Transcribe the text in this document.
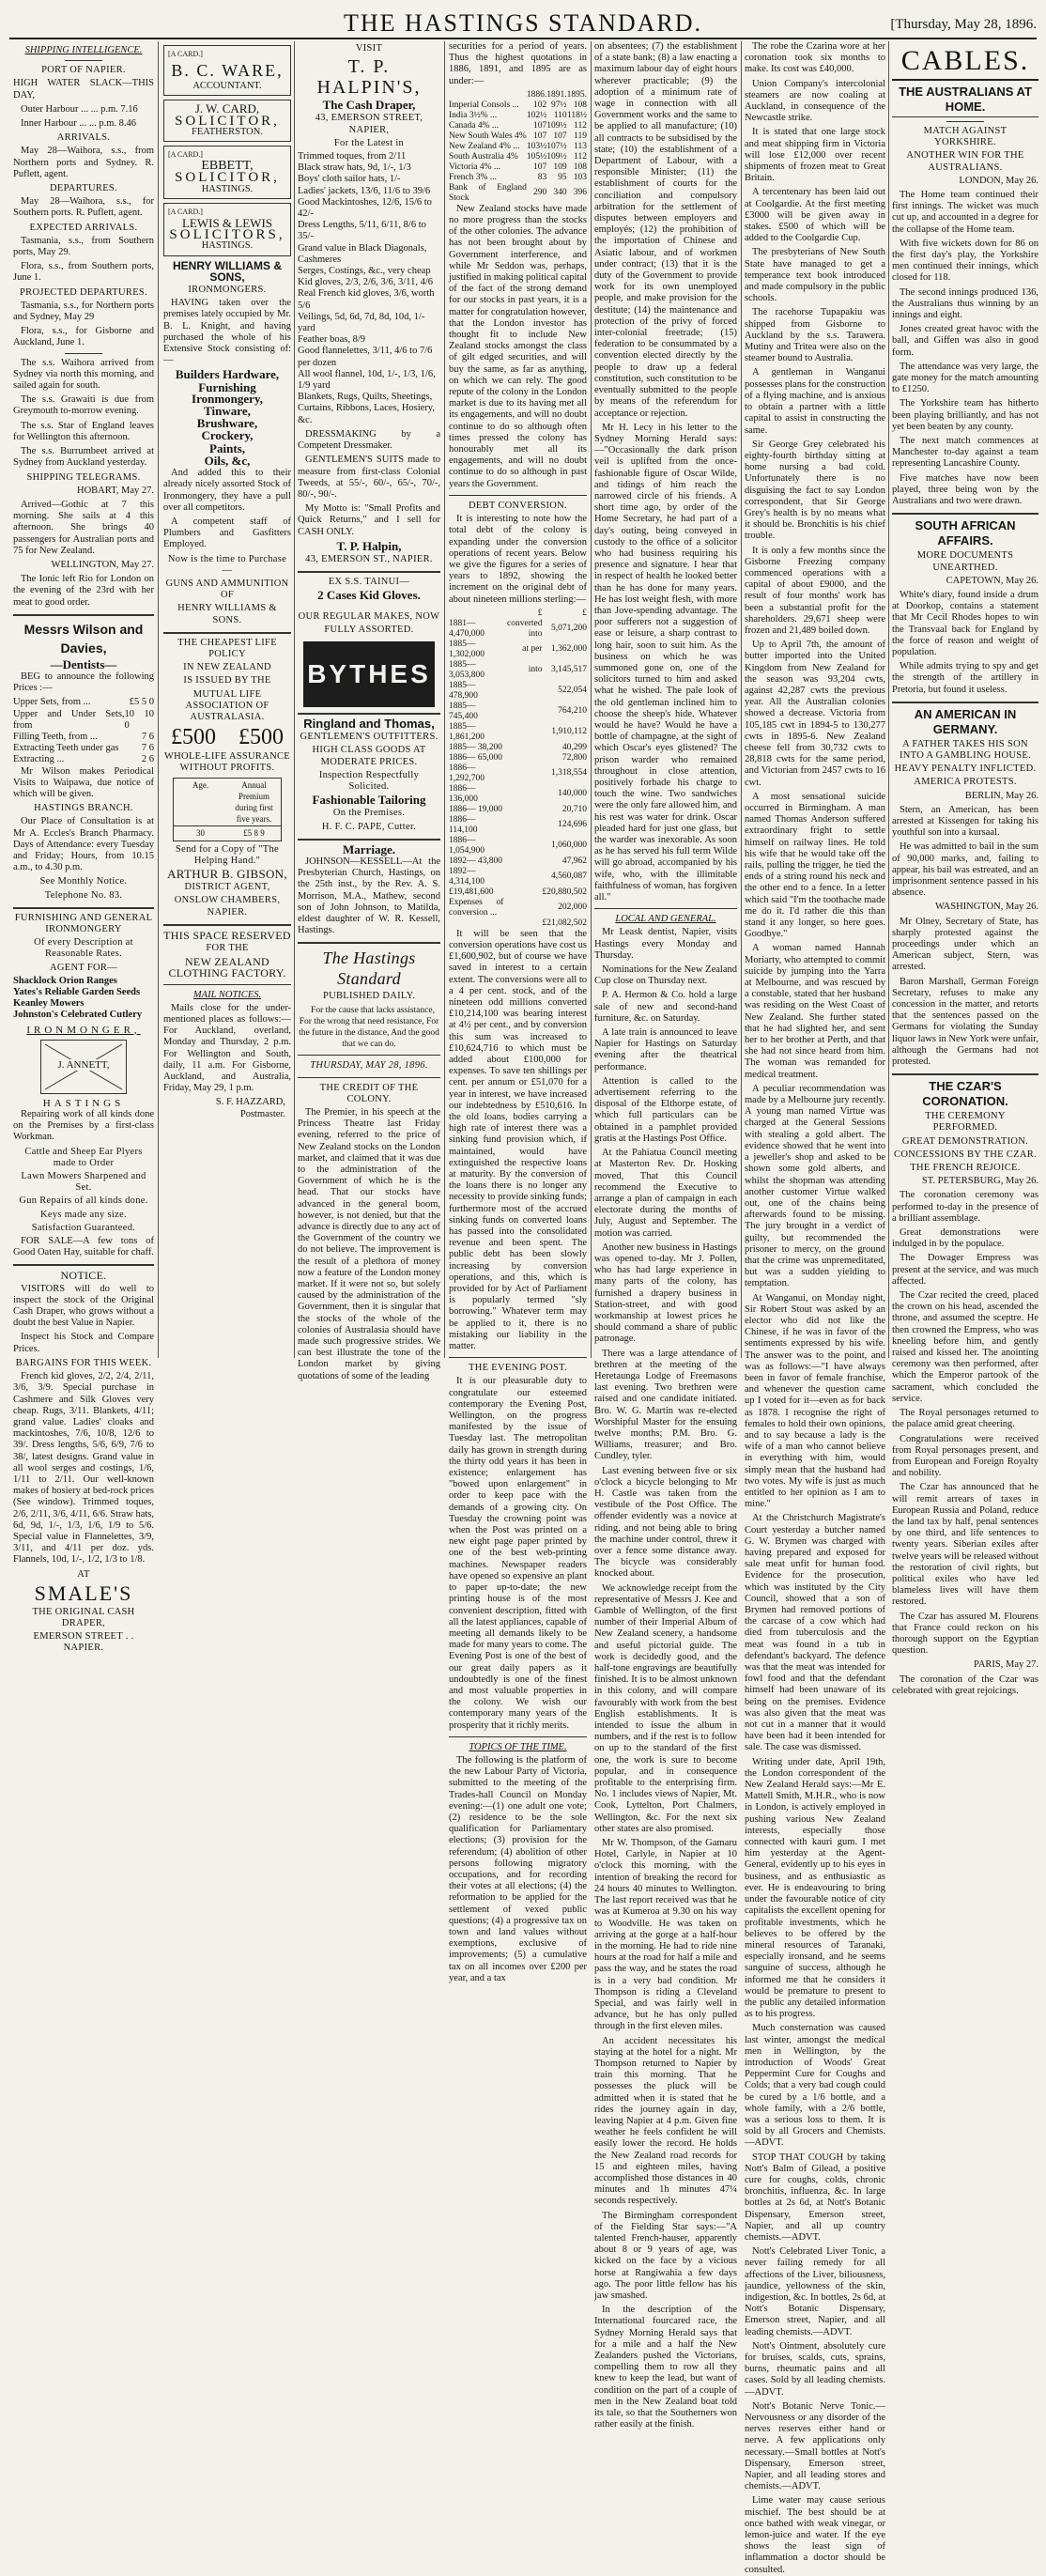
THE HASTINGS STANDARD.	[Thursday, May 28, 1896.
SHIPPING INTELLIGENCE.
PORT OF NAPIER.
HIGH WATER SLACK—THIS DAY,
Outer Harbour ... ... p.m. 7.16
Inner Harbour ... ... p.m. 8.46
ARRIVALS.
May 28—Waihora, s.s., from Northern ports and Sydney. R. Puflett, agent.
DEPARTURES.
May 28—Waihora, s.s., for Southern ports. R. Puflett, agent.
EXPECTED ARRIVALS.
Tasmania, s.s., from Southern ports, May 29.
Flora, s.s., from Southern ports, June 1.
PROJECTED DEPARTURES.
Tasmania, s.s., for Northern ports and Sydney, May 29
Flora, s.s., for Gisborne and Auckland, June 1.
The s.s. Waihora arrived from Sydney via north this morning, and sailed again for south.
The s.s. Grawaiti is due from Greymouth to-morrow evening.
The s.s. Star of England leaves for Wellington this afternoon.
The s.s. Burrumbeet arrived at Sydney from Auckland yesterday.
SHIPPING TELEGRAMS.
HOBART, May 27.
Arrived—Gothic at 7 this morning. She sails at 4 this afternoon. She brings 40 passengers for Australian ports and 75 for New Zealand.
WELLINGTON, May 27.
The Ionic left Rio for London on the evening of the 23rd with her meat to good order.
Messrs Wilson and Davies,
—Dentists—
BEG to announce the following Prices :—
Upper Sets, from ...	£5 5 0
Upper and Under Sets, from
10 10 0
Filling Teeth, from ...	7 6
Extracting Teeth under gas 7 6
Extracting ...	2 6
Mr Wilson makes Periodical Visits to Waipawa, due notice of which will be given.
HASTINGS BRANCH.
Our Place of Consultation is at Mr A. Eccles's Branch Pharmacy. Days of Attendance: every Tuesday and Friday; Hours, from 10.15 a.m., to 4.30 p.m.
See Monthly Notice.
Telephone No. 83.
FURNISHING AND GENERAL IRONMONGERY
Of every Description at Reasonable Rates.
AGENT FOR—
Shacklock Orion Ranges
Yates's Reliable Garden Seeds
Keanley Mowers
Johnston's Celebrated Cutlery
IRONMONGER,
J. ANNETT,
HASTINGS
Repairing work of all kinds done on the Premises by a first-class Workman.
Cattle and Sheep Ear Plyers made to Order
Lawn Mowers Sharpened and Set.
Gun Repairs of all kinds done.
Keys made any size.
Satisfaction Guaranteed.
FOR SALE—A few tons of Good Oaten Hay, suitable for chaff.
NOTICE.
VISITORS will do well to inspect the stock of the Original Cash Draper, who grows without a doubt the best Value in Napier.
Inspect his Stock and Compare Prices.
BARGAINS FOR THIS WEEK.
French kid gloves, 2/2, 2/4, 2/11, 3/6, 3/9. Special purchase in Cashmere and Silk Gloves very cheap. Rugs, 3/11. Blankets, 4/11; grand value. Ladies' cloaks and mackintoshes, 7/6, 10/8, 12/6 to 39/. Dress lengths, 5/6, 6/9, 7/6 to 38/, latest designs. Grand value in all wool serges and costings, 1/6, 1/11 to 2/11. Our well-known makes of hosiery at bed-rock prices (See window). Trimmed toques, 2/6, 2/11, 3/6, 4/11, 6/6. Straw hats, 6d, 9d, 1/-, 1/3, 1/6, 1/9 to 5/6. Special value in Flannelettes, 3/9, 3/11, and 4/11 per doz. yds. Flannels, 10d, 1/-, 1/2, 1/3 to 1/8.
AT
SMALE'S
THE ORIGINAL CASH DRAPER,
EMERSON STREET . . NAPIER.
[A CARD.]
B. C. WARE,
ACCOUNTANT.
J. W. CARD,
SOLICITOR,
FEATHERSTON.
[A CARD.]
EBBETT,
SOLICITOR,
HASTINGS.
[A CARD.]
LEWIS & LEWIS
SOLICITORS,
HASTINGS.
HENRY WILLIAMS & SONS,
IRONMONGERS.
HAVING taken over the premises lately occupied by Mr. B. L. Knight, and having purchased the whole of his Extensive Stock consisting of:—
Builders Hardware,
Furnishing Ironmongery,
Tinware,
Brushware,
Crockery,
Paints,
Oils, &c,
And added this to their already nicely assorted Stock of Ironmongery, they have a pull over all competitors.
A competent staff of Plumbers and Gasfitters Employed.
Now is the time to Purchase—
GUNS AND AMMUNITION OF
HENRY WILLIAMS & SONS.
THE CHEAPEST LIFE POLICY
IN NEW ZEALAND
IS ISSUED BY THE
MUTUAL LIFE ASSOCIATION OF AUSTRALASIA.
£500 £500
WHOLE-LIFE ASSURANCE WITHOUT PROFITS.
Age.	Annual Premium during first five years.
30	£5 8 9
Send for a Copy of "The Helping Hand."
ARTHUR B. GIBSON,
DISTRICT AGENT,
ONSLOW CHAMBERS, NAPIER.
THIS SPACE RESERVED
FOR THE
NEW ZEALAND CLOTHING FACTORY.
MAIL NOTICES.
Mails close for the under-mentioned places as follows:— For Auckland, overland, Monday and Thursday, 2 p.m. For Wellington and South, daily, 11 a.m. For Gisborne, Auckland, and Australia, Friday, May 29, 1 p.m.
S. F. HAZZARD,
Postmaster.
VISIT
T. P. HALPIN'S,
The Cash Draper,
43, EMERSON STREET, NAPIER,
For the Latest in
Trimmed toques, from 2/11
Black straw hats, 9d, 1/-, 1/3
Boys' cloth sailor hats, 1/-
Ladies' jackets, 13/6, 11/6 to 39/6
Good Mackintoshes, 12/6, 15/6 to 42/-
Dress Lengths, 5/11, 6/11, 8/6 to 35/-
Grand value in Black Diagonals, Cashmeres
Serges, Costings, &c., very cheap
Kid gloves, 2/3, 2/6, 3/6, 3/11, 4/6
Real French kid gloves, 3/6, worth 5/6
Veilings, 5d, 6d, 7d, 8d, 10d, 1/- yard
Feather boas, 8/9
Good flannelettes, 3/11, 4/6 to 7/6 per dozen
All wool flannel, 10d, 1/-, 1/3, 1/6, 1/9 yard
Blankets, Rugs, Quilts, Sheetings, Curtains, Ribbons, Laces, Hosiery, &c.
DRESSMAKING by a Competent Dressmaker.
GENTLEMEN'S SUITS made to measure from first-class Colonial Tweeds, at 55/-, 60/-, 65/-, 70/-, 80/-, 90/-.
My Motto is: "Small Profits and Quick Returns," and I sell for CASH ONLY.
T. P. Halpin,
43, EMERSON ST., NAPIER.
EX S.S. TAINUI—
2 Cases Kid Gloves.
OUR REGULAR MAKES, NOW
FULLY ASSORTED.
BYTHES
Ringland and Thomas,
GENTLEMEN'S OUTFITTERS.
HIGH CLASS GOODS AT MODERATE PRICES.
Inspection Respectfully Solicited.
Fashionable Tailoring
On the Premises.
H. F. C. PAPE, Cutter.
Marriage.
JOHNSON—KESSELL—At the Presbyterian Church, Hastings, on the 25th inst., by the Rev. A. S. Morrison, M.A., Mathew, second son of John Johnson, to Matilda, eldest daughter of W. R. Kessell, Hastings.
The Hastings Standard
PUBLISHED DAILY.
For the cause that lacks assistance, For the wrong that need resistance, For the future in the distance, And the good that we can do.
THURSDAY, MAY 28, 1896.
THE CREDIT OF THE COLONY.
The Premier, in his speech at the Princess Theatre last Friday evening, referred to the price of New Zealand stocks on the London market, and claimed that it was due to the administration of the Government of which he is the head. That our stocks have advanced in the general boom, however, is not denied, but that the advance is directly due to any act of the Government of the country we do not believe. The improvement is the result of a plethora of money now a feature of the London money market. If it were not so, but solely caused by the administration of the Government, then it is singular that the stocks of the whole of the colonies of Australasia should have made such progressive strides. We can best illustrate the tone of the London market by giving quotations of some of the leading
securities for a period of years. Thus the highest quotations in 1886, 1891, and 1895 are as under:—
	1886.	1891.	1895.
Imperial Consols ...	102	97½	108
India 3½% ...	102½	110	118½
Canada 4% ...	107	109½	112
New South Wales 4%	107	107	119
New Zealand 4% ...	103½	107½	113
South Australia 4%	105½	109½	112
Victoria 4% ...	107	109	108
French 3% ...	83	95	103
Bank of England Stock	290	340	396
New Zealand stocks have made no more progress than the stocks of the other colonies. The advance has not been brought about by Government interference, and while Mr Seddon was, perhaps, justified in making political capital of the fact of the strong demand for our stocks in past years, it is a matter for congratulation however, that the London investor has thought fit to include New Zealand stocks amongst the class of gilt edged securities, and will buy the same, as far as anything, on which we can rely. The good repute of the colony in the London market is due to its having met all its engagements, and will no doubt continue to do so although often times pressed the colony has honourably met all its engagements, and will no doubt continue to do so although in past years the Government.
DEBT CONVERSION.
It is interesting to note how the total debt of the colony is expanding under the conversion operations of recent years. Below we give the figures for a series of years to 1892, showing the increment on the original debt of about nineteen millions sterling:—
	£	£
1881—4,470,000	converted into	5,071,200
1885—1,302,000	at per	1,362,000
1885—3,053,800	into	3,145,517
1885— 478,900		522,054
1885— 745,400		764,210
1885—1,861,200		1,910,112
1885— 38,200		40,299
1886— 65,000		72,800
1886—1,292,700		1,318,554
1886— 136,000		140,000
1886— 19,000		20,710
1886— 114,100		124,696
1886—1,054,900		1,060,000
1892— 43,800		47,962
1892—4,314,100		4,560,087
£19,481,600		£20,880,502
Expenses of conversion ...		202,000
		£21,082,502
It will be seen that the conversion operations have cost us £1,600,902, but of course we have saved in interest to a certain extent. The conversions were all to a 4 per cent. stock, and of the nineteen odd millions converted £10,214,100 was bearing interest at 4½ per cent., and by conversion this sum was increased to £10,624,716 to which must be added about £100,000 for expenses. To save ten shillings per cent. per annum or £51,070 for a year in interest, we have increased our indebtedness by £510,616. In the old loans, bodies carrying a high rate of interest there was a sinking fund provision which, if maintained, would have extinguished the respective loans at maturity. By the conversion of the loans there is no longer any necessity to provide sinking funds; furthermore most of the accrued sinking funds on converted loans has passed into the consolidated revenue and been spent. The public debt has been slowly increasing by conversion operations, and this, which is provided for by Act of Parliament is popularly termed "sly borrowing." Whatever term may be applied to it, there is no mistaking our liability in the matter.
THE EVENING POST.
It is our pleasurable duty to congratulate our esteemed contemporary the Evening Post, Wellington, on the progress manifested by the issue of Tuesday last. The metropolitan daily has grown in strength during the thirty odd years it has been in existence; enlargement has "bowed upon enlargement" in order to keep pace with the demands of a growing city. On Tuesday the crowning point was when the Post was printed on a new eight page paper printed by one of the best web-printing machines. Newspaper readers have opened so expensive an plant to paper up-to-date; the new printing house is of the most convenient description, fitted with all the latest appliances, capable of meeting all demands likely to be made for many years to come. The Evening Post is one of the best of our great daily papers as it undoubtedly is one of the finest and most valuable properties in the colony. We wish our contemporary many years of the prosperity that it richly merits.
TOPICS OF THE TIME.
The following is the platform of the new Labour Party of Victoria, submitted to the meeting of the Trades-hall Council on Monday evening:—(1) one adult one vote; (2) residence to be the sole qualification for Parliamentary elections; (3) provision for the referendum; (4) abolition of other persons following migratory occupations, and for recording their votes at all elections; (4) the reformation to be applied for the settlement of vexed public questions; (4) a progressive tax on town and land values without exemptions, exclusive of improvements; (5) a cumulative tax on all incomes over £200 per year, and a tax
on absentees; (7) the establishment of a state bank; (8) a law enacting a maximum labour day of eight hours wherever practicable; (9) the adoption of a minimum rate of wage in connection with all Government works and the same to be applied to all manufacture; (10) all contracts to be subsidised by the state; (10) the establishment of a Department of Labour, with a responsible Minister; (11) the establishment of courts for the conciliation and compulsory arbitration for the settlement of disputes between employers and employés; (12) the prohibition of the importation of Chinese and Asiatic labour, and of workmen under contract; (13) that it is the duty of the Government to provide work for its own unemployed people, and make provision for the destitute; (14) the maintenance and protection of the privy of forced inter-colonial freetrade; (15) federation to be consummated by a convention elected directly by the people to draw up a federal constitution, such constitution to be eventually submitted to the people by means of the referendum for acceptance or rejection.
Mr H. Lecy in his letter to the Sydney Morning Herald says:—"Occasionally the dark prison veil is uplifted from the once-fashionable figure of Oscar Wilde, and tidings of him reach the narrowed circle of his friends. A short time ago, by order of the Home Secretary, he had part of a day's outing, being conveyed in custody to the office of a solicitor who had business requiring his presence and signature. I hear that in respect of health he looked better than he has done for many years. He has lost weight flesh, with more than Jove-spending advantage. The poor sufferers not a suggestion of ease or leisure, a sharp contrast to long hair, soon to suit him. As the business on which he was summoned gone on, one of the solicitors turned to him and asked what he wished. The pale look of the old gentleman inclined him to choose the sheep's hide. Whatever would he have? Would he have a bottle of champagne, at the sight of which Oscar's eyes glistened? The prison warder who remained throughout in close attention, positively forbade his charge to touch the wine. Two sandwiches were the only fare allowed him, and his rest was water for drink. Oscar pleaded hard for just one glass, but the warder was inexorable. As soon as he has served his full term Wilde will go abroad, accompanied by his wife, who, with the illimitable faithfulness of woman, has forgiven all."
LOCAL AND GENERAL.
Mr Leask dentist, Napier, visits Hastings every Monday and Thursday.
Nominations for the New Zealand Cup close on Thursday next.
P. A. Hermon & Co. hold a large sale of new and second-hand furniture, &c. on Saturday.
A late train is announced to leave Napier for Hastings on Saturday evening after the theatrical performance.
Attention is called to the advertisement referring to the disposal of the Elthorpe estate, of which full particulars can be obtained in a pamphlet provided gratis at the Hastings Post Office.
At the Pahiatua Council meeting at Masterton Rev. Dr. Hosking moved, That this Council recommend the Executive to arrange a plan of campaign in each electorate during the months of July, August and September. The motion was carried.
Another new business in Hastings was opened to-day. Mr J. Pollen, who has had large experience in many parts of the colony, has furnished a drapery business in Station-street, and with good workmanship at lowest prices he should command a share of public patronage.
There was a large attendance of brethren at the meeting of the Heretaunga Lodge of Freemasons last evening. Two brethren were raised and one candidate initiated. Bro. W. G. Martin was re-elected Worshipful Master for the ensuing twelve months; P.M. Bro. G. Williams, treasurer; and Bro. Cundley, tyler.
Last evening between five or six o'clock a bicycle belonging to Mr H. Castle was taken from the vestibule of the Post Office. The offender evidently was a novice at riding, and not being able to bring the machine under control, threw it over a fence some distance away. The bicycle was considerably knocked about.
We acknowledge receipt from the representative of Messrs J. Kee and Gamble of Wellington, of the first number of their Imperial Album of New Zealand scenery, a handsome and useful pictorial guide. The work is decidedly good, and the half-tone engravings are beautifully finished. It is to be almost unknown in this colony, and will compare favourably with work from the best English establishments. It is intended to issue the album in numbers, and if the rest is to follow on up to the standard of the first one, the work is sure to become popular, and in consequence profitable to the enterprising firm. No. 1 includes views of Napier, Mt. Cook, Lyttelton, Port Chalmers, Wellington, &c. For the next six other states are also promised.
Mr W. Thompson, of the Gamaru Hotel, Carlyle, in Napier at 10 o'clock this morning, with the intention of breaking the record for 24 hours 40 minutes to Wellington. The last report received was that he was at Kumeroa at 9.30 on his way to Woodville. He was taken on arriving at the gorge at a half-hour in the morning. He had to ride nine hours at the road for half a mile and pass the way, and he states the road is in a very bad condition. Mr Thompson is riding a Cleveland Special, and was fairly well in advance, but he has only pulled through in the first eleven miles.
An accident necessitates his staying at the hotel for a night. Mr Thompson returned to Napier by train this morning. That he possesses the pluck will be admitted when it is stated that he rides the journey again in day, leaving Napier at 4 p.m. Given fine weather he feels confident he will easily lower the record. He holds the New Zealand road records for 15 and eighteen miles, having accomplished those distances in 40 minutes and 1h minutes 47¼ seconds respectively.
The Birmingham correspondent of the Fielding Star says:—"A talented French-hauser, apparently about 8 or 9 years of age, was kicked on the face by a vicious horse at Rangiwahia a few days ago. The poor little fellow has his jaw smashed.
In the description of the International fourcared race, the Sydney Morning Herald says that for a mile and a half the New Zealanders pushed the Victorians, compelling them to row all they knew to keep the lead, but want of condition on the part of a couple of men in the New Zealand boat told its tale, so that the Southerners won rather easily at the finish.
The robe the Czarina wore at her coronation took six months to make. Its cost was £40,000.
Union Company's intercolonial steamers are now coaling at Auckland, in consequence of the Newcastle strike.
It is stated that one large stock and meat shipping firm in Victoria will lose £12,000 over recent shipments of frozen meat to Great Britain.
A tercentenary has been laid out at Coolgardie. At the first meeting £3000 will be given away in stakes. £500 of which will be added to the Coolgardie Cup.
The presbyterians of New South State have managed to get a temperance text book introduced and made compulsory in the public schools.
The racehorse Tupapakiu was shipped from Gisborne to Auckland by the s.s. Tarawera. Mutiny and Tritea were also on the steamer bound to Australia.
A gentleman in Wanganui possesses plans for the construction of a flying machine, and is anxious to obtain a partner with a little capital to assist in constructing the same.
Sir George Grey celebrated his eighty-fourth birthday sitting at home nursing a bad cold. Unfortunately there is no disguising the fact to say London correspondent, that Sir George Grey's health is by no means what it should be. Bronchitis is his chief trouble.
It is only a few months since the Gisborne Freezing company commenced operations with a capital of about £9000, and the result of four months' work has been a substantial profit for the shareholders. 29,671 sheep were frozen and 21,489 boiled down.
Up to April 7th, the amount of butter imported into the United Kingdom from New Zealand for the season was 93,204 cwts, against 42,287 cwts the previous year. All the Australian colonies showed a decrease. Victoria from 105,185 cwt in 1894-5 to 130,277 cwts in 1895-6. New Zealand cheese fell from 30,732 cwts to 28,818 cwts for the same period, and Victorian from 2457 cwts to 16 cwt.
A most sensational suicide occurred in Birmingham. A man named Thomas Anderson suffered extraordinary fright to settle himself on railway lines. He told his wife that he would take off the rails, pulling the trigger, he tied the ends of a string round his neck and the other end to a fence. In a letter which said "I'm the toothache made me do it. I'd rather die this than stand it any longer, so here goes. Goodbye."
A woman named Hannah Moriarty, who attempted to commit suicide by jumping into the Yarra at Melbourne, and was rescued by a constable, stated that her husband was residing on the West Coast of New Zealand. She further stated that he had slighted her, and sent her to her brother at Perth, and that she had not since heard from him. The woman was remanded for medical treatment.
A peculiar recommendation was made by a Melbourne jury recently. A young man named Virtue was charged at the General Sessions with stealing a gold albert. The evidence showed that he went into a jeweller's shop and asked to be shown some gold alberts, and whilst the shopman was attending another customer Virtue walked out, one of the chains being afterwards found to be missing. The jury brought in a verdict of guilty, but recommended the prisoner to mercy, on the ground that the crime was unpremeditated, but was a sudden yielding to temptation.
At Wanganui, on Monday night, Sir Robert Stout was asked by an elector who did not like the Chinese, if he was in favor of the sentiments expressed by his wife. The answer was to the point, and was as follows:—"I have always been in favor of female franchise, and whenever the question came up I voted for it—even as for back as 1878. I recognise the right of females to hold their own opinions, and to say because a lady is the wife of a man who cannot believe in everything with him, would simply mean that the husband had two votes. My wife is just as much entitled to her opinion as I am to mine."
At the Christchurch Magistrate's Court yesterday a butcher named G. W. Brymen was charged with having prepared and exposed for sale meat unfit for human food. Evidence for the prosecution, which was instituted by the City Council, showed that a son of Brymen had removed portions of the carcase of a cow which had died from tuberculosis and the meat was found in a tub in defendant's backyard. The defence was that the meat was intended for fowl food and that the defendant himself had been unaware of its being on the premises. Evidence was also given that the meat was not cut in a manner that it would have been had it been intended for sale. The case was dismissed.
Writing under date, April 19th, the London correspondent of the New Zealand Herald says:—Mr E. Mattell Smith, M.H.R., who is now in London, is actively employed in pushing various New Zealand interests, especially those connected with kauri gum. I met him yesterday at the Agent-General, evidently up to his eyes in business, and as enthusiastic as ever. He is endeavouring to bring under the favourable notice of city capitalists the excellent opening for profitable investments, which he believes to be offered by the mineral resources of Taranaki, especially ironsand, and he seems sanguine of success, although he informed me that he considers it would be premature to present to the public any detailed information as to his progress.
Much consternation was caused last winter, amongst the medical men in Wellington, by the introduction of Woods' Great Peppermint Cure for Coughs and Colds; that a very bad cough could be cured by a 1/6 bottle, and a whole family, with a 2/6 bottle, was a serious loss to them. It is sold by all Grocers and Chemists.—ADVT.
STOP THAT COUGH by taking Nott's Balm of Gilead, a positive cure for coughs, colds, chronic bronchitis, influenza, &c. In large bottles at 2s 6d, at Nott's Botanic Dispensary, Emerson street, Napier, and all up country chemists.—ADVT.
Nott's Celebrated Liver Tonic, a never failing remedy for all affections of the Liver, biliousness, jaundice, yellowness of the skin, indigestion, &c. In bottles, 2s 6d, at Nott's Botanic Dispensary, Emerson street, Napier, and all leading chemists.—ADVT.
Nott's Ointment, absolutely cure for bruises, scalds, cuts, sprains, burns, rheumatic pains and all cases. Sold by all leading chemists.—ADVT.
Nott's Botanic Nerve Tonic.—Nervousness or any disorder of the nerves reserves either hand or nerve. A few applications only necessary.—Small bottles at Nott's Dispensary, Emerson street, Napier, and all leading stores and chemists.—ADVT.
Lime water may cause serious mischief. The best should be at once bathed with weak vinegar, or lemon-juice and water. If the eye shows the least sign of inflammation a doctor should be consulted.
CABLES.
THE AUSTRALIANS AT HOME.
MATCH AGAINST YORKSHIRE.
ANOTHER WIN FOR THE AUSTRALIANS.
LONDON, May 26.
The Home team continued their first innings. The wicket was much cut up, and accounted in a degree for the collapse of the Home team.
With five wickets down for 86 on the first day's play, the Yorkshire men continued their innings, which closed for 118.
The second innings produced 136, the Australians thus winning by an innings and eight.
Jones created great havoc with the ball, and Giffen was also in good form.
The attendance was very large, the gate money for the match amounting to £1250.
The Yorkshire team has hitherto been playing brilliantly, and has not yet been beaten by any county.
The next match commences at Manchester to-day against a team representing Lancashire County.
Five matches have now been played, three being won by the Australians and two were drawn.
SOUTH AFRICAN AFFAIRS.
MORE DOCUMENTS UNEARTHED.
CAPETOWN, May 26.
White's diary, found inside a drum at Doorkop, contains a statement that Mr Cecil Rhodes hopes to win the Transvaal back for England by the force of reason and weight of population.
While admits trying to spy and get the strength of the artillery in Pretoria, but found it useless.
AN AMERICAN IN GERMANY.
A FATHER TAKES HIS SON INTO A GAMBLING HOUSE.
HEAVY PENALTY INFLICTED.
AMERICA PROTESTS.
BERLIN, May 26.
Stern, an American, has been arrested at Kissengen for taking his youthful son into a kursaal.
He was admitted to bail in the sum of 90,000 marks, and, failing to appear, his bail was estreated, and an imprisonment sentence passed in his absence.
WASHINGTON, May 26.
Mr Olney, Secretary of State, has sharply protested against the proceedings under which an American subject, Stern, was arrested.
Baron Marshall, German Foreign Secretary, refuses to make any concession in the matter, and retorts that the sentences passed on the Germans for violating the Sunday liquor laws in New York were unfair, although the Germans had not protested.
THE CZAR'S CORONATION.
THE CEREMONY PERFORMED.
GREAT DEMONSTRATION.
CONCESSIONS BY THE CZAR.
THE FRENCH REJOICE.
ST. PETERSBURG, May 26.
The coronation ceremony was performed to-day in the presence of a brilliant assemblage.
Great demonstrations were indulged in by the populace.
The Dowager Empress was present at the service, and was much affected.
The Czar recited the creed, placed the crown on his head, ascended the throne, and assumed the sceptre. He then crowned the Empress, who was kneeling before him, and gently raised and kissed her. The anointing ceremony was then performed, after which the Emperor partook of the sacrament, which concluded the service.
The Royal personages returned to the palace amid great cheering.
Congratulations were received from Royal personages present, and from European and Foreign Royalty and nobility.
The Czar has announced that he will remit arrears of taxes in European Russia and Poland, reduce the land tax by half, penal sentences by one third, and life sentences to twenty years. Siberian exiles after twelve years will be released without the restoration of civil rights, but political exiles who have led blameless lives will have them restored.
The Czar has assured M. Flourens that France could reckon on his thorough support on the Egyptian question.
PARIS, May 27.
The coronation of the Czar was celebrated with great rejoicings.
